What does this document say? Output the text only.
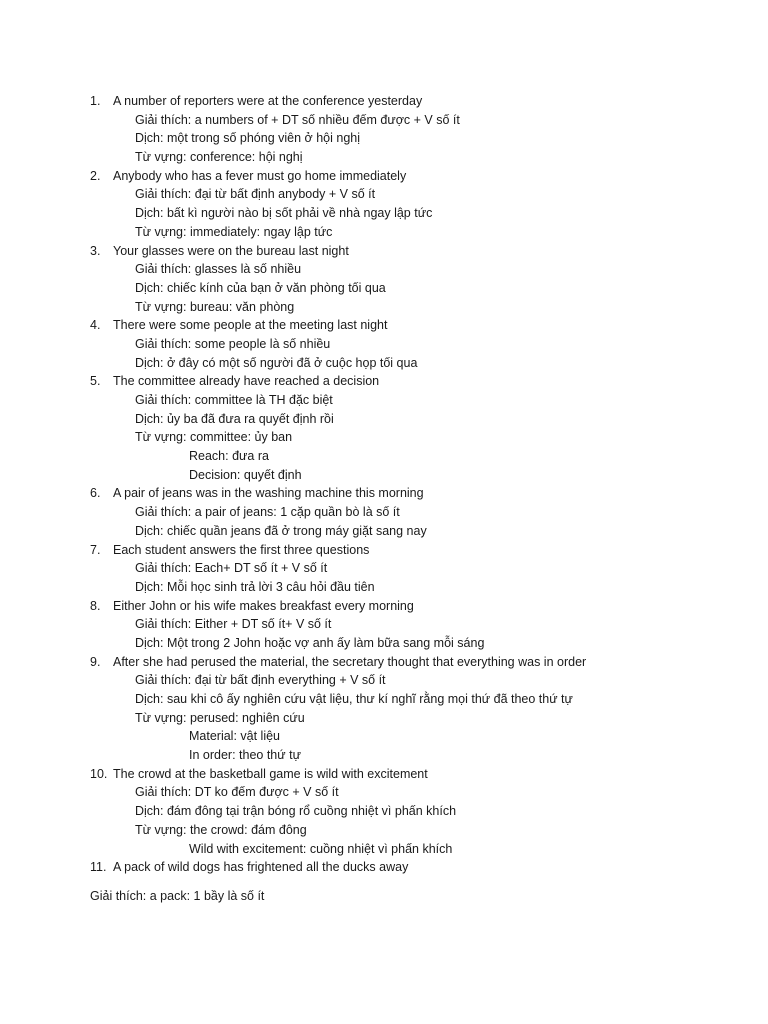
1. A number of reporters were at the conference yesterday
Giải thích: a numbers of + DT số nhiều đếm được + V số ít
Dịch: một trong số phóng viên ở hội nghị
Từ vựng: conference: hội nghị
2. Anybody who has a fever must go home immediately
Giải thích: đại từ bất định anybody + V số ít
Dịch: bất kì người nào bị sốt phải về nhà ngay lập tức
Từ vựng: immediately: ngay lập tức
3. Your glasses were on the bureau last night
Giải thích: glasses là số nhiều
Dịch: chiếc kính của bạn ở văn phòng tối qua
Từ vựng: bureau: văn phòng
4. There were some people at the meeting last night
Giải thích: some people là số nhiều
Dịch: ở đây có một số người đã ở cuộc họp tối qua
5. The committee already have reached a decision
Giải thích: committee là TH đặc biệt
Dịch: ủy ba đã đưa ra quyết định rồi
Từ vựng: committee: ủy ban
Reach: đưa ra
Decision: quyết định
6. A pair of jeans was in the washing machine this morning
Giải thích: a pair of jeans: 1 cặp quần bò là số ít
Dịch: chiếc quần jeans đã ở trong máy giặt sang nay
7. Each student answers the first three questions
Giải thích: Each+ DT số ít + V số ít
Dịch: Mỗi học sinh trả lời 3 câu hỏi đầu tiên
8. Either John or his wife makes breakfast every morning
Giải thích: Either + DT số ít+ V số ít
Dịch: Một trong 2 John hoặc vợ anh ấy làm bữa sang mỗi sáng
9. After she had perused the material, the secretary thought that everything was in order
Giải thích: đại từ bất định everything + V số ít
Dịch: sau khi cô ấy nghiên cứu vật liệu, thư kí nghĩ rằng mọi thứ đã theo thứ tự
Từ vựng: perused: nghiên cứu
Material: vật liệu
In order: theo thứ tự
10. The crowd at the basketball game is wild with excitement
Giải thích: DT ko đếm được + V số ít
Dịch: đám đông tại trận bóng rổ cuồng nhiệt vì phấn khích
Từ vựng: the crowd: đám đông
Wild with excitement: cuồng nhiệt vì phấn khích
11. A pack of wild dogs has frightened all the ducks away
Giải thích: a pack: 1 bầy là số ít
